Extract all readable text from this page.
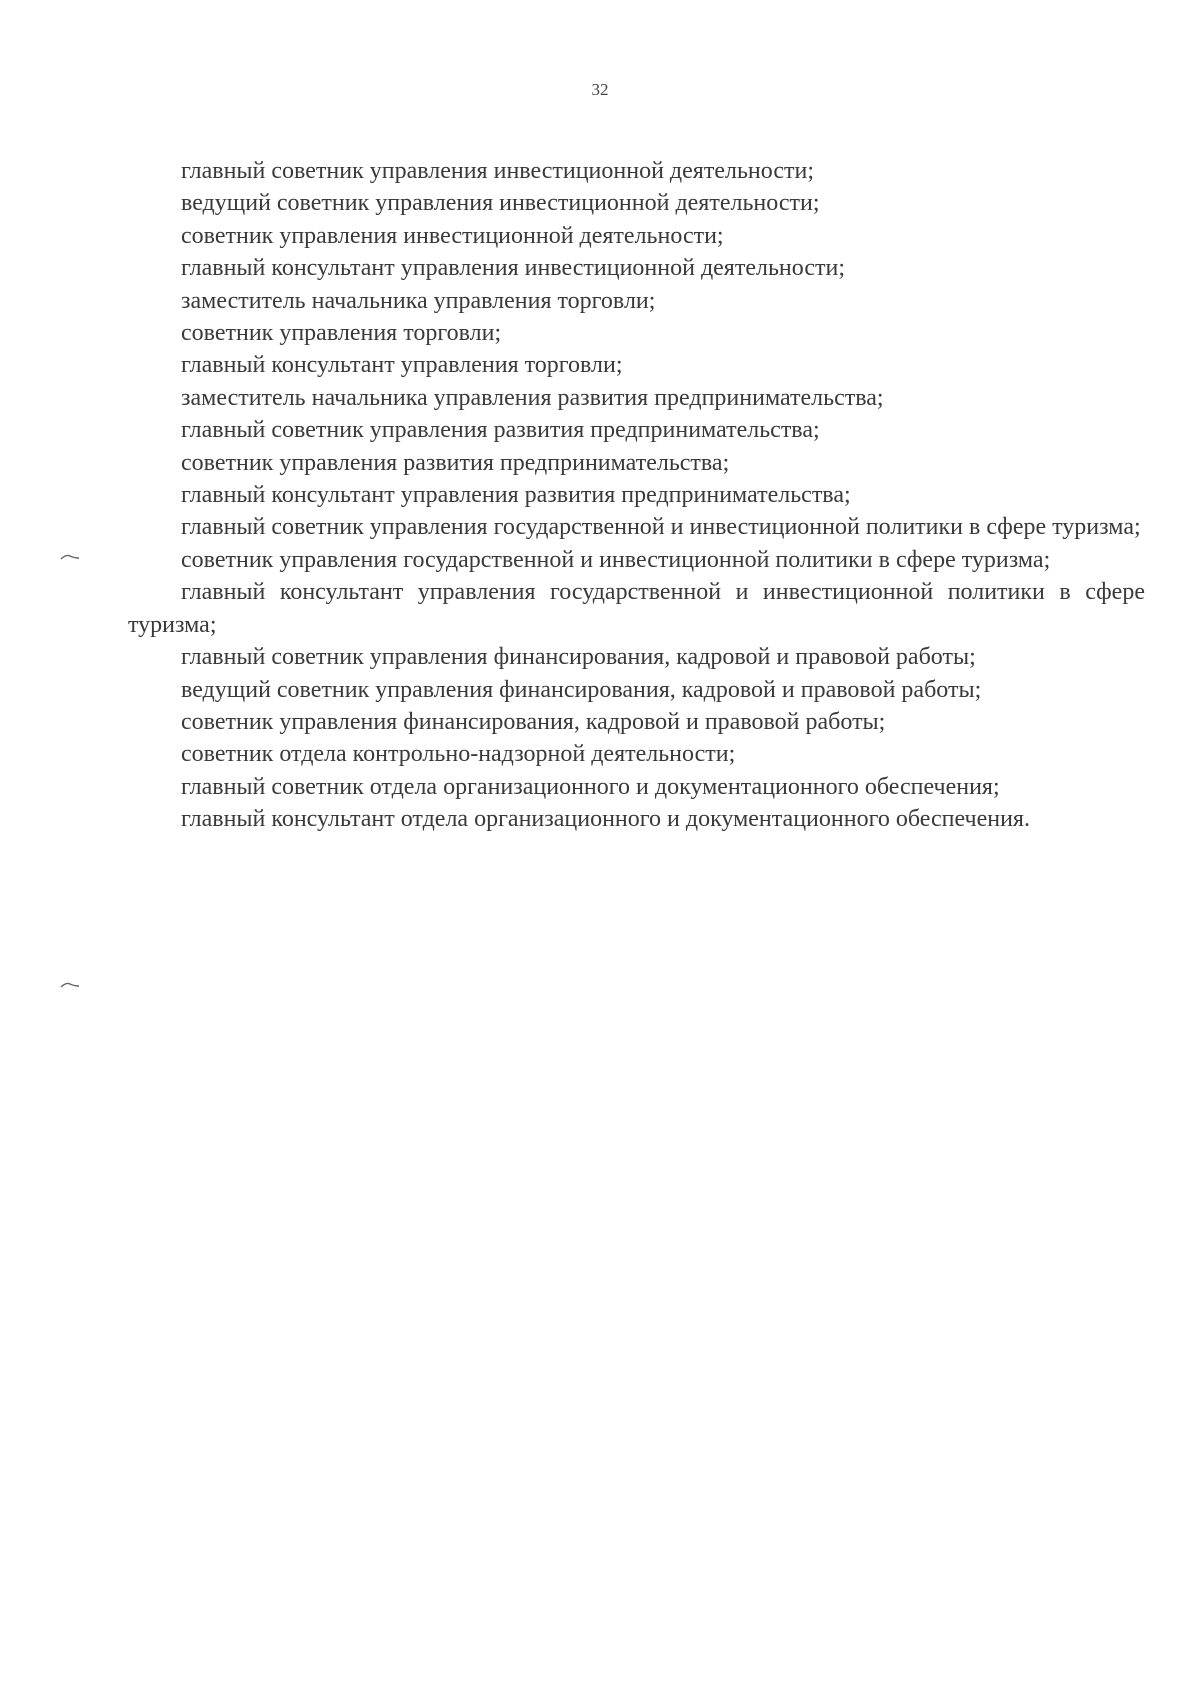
32

главный советник управления инвестиционной деятельности;

ведущий советник управления инвестиционной деятельности;

советник управления инвестиционной деятельности;

главный консультант управления инвестиционной деятельности;

заместитель начальника управления торговли;

советник управления торговли;

главный консультант управления торговли;

заместитель начальника управления развития предпринимательства;

главный советник управления развития предпринимательства;

советник управления развития предпринимательства;

главный консультант управления развития предпринимательства;

главный советник управления государственной и инвестиционной политики в сфере туризма;

советник управления государственной и инвестиционной политики в сфере туризма;

главный консультант управления государственной и инвестиционной политики в сфере туризма;

главный советник управления финансирования, кадровой и правовой работы;

ведущий советник управления финансирования, кадровой и правовой работы;

советник управления финансирования, кадровой и правовой работы;

советник отдела контрольно-надзорной деятельности;

главный советник отдела организационного и документационного обеспечения;

главный консультант отдела организационного и документационного обеспечения.
